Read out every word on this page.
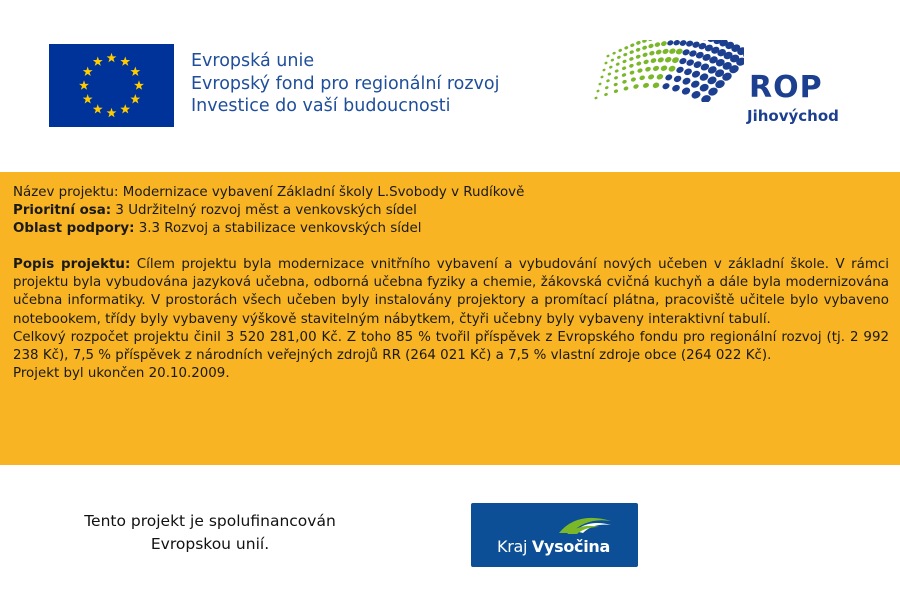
Evropská unie
Evropský fond pro regionální rozvoj
Investice do vaší budoucnosti
ROP
Jihovýchod

Název projektu: Modernizace vybavení Základní školy L.Svobody v Rudíkově

Prioritní osa: 3 Udržitelný rozvoj měst a venkovských sídel

Oblast podpory: 3.3 Rozvoj a stabilizace venkovských sídel

Popis projektu: Cílem projektu byla modernizace vnitřního vybavení a vybudování nových učeben v základní škole. V rámci projektu byla vybudována jazyková učebna, odborná učebna fyziky a chemie, žákovská cvičná kuchyň a dále byla modernizována učebna informatiky. V prostorách všech učeben byly instalovány projektory a promítací plátna, pracoviště učitele bylo vybaveno notebookem, třídy byly vybaveny výškově stavitelným nábytkem, čtyři učebny byly vybaveny interaktivní tabulí.

Celkový rozpočet projektu činil 3 520 281,00 Kč. Z toho 85 % tvořil příspěvek z Evropského fondu pro regionální rozvoj (tj. 2 992 238 Kč), 7,5 % příspěvek z národních veřejných zdrojů RR (264 021 Kč) a 7,5 % vlastní zdroje obce (264 022 Kč).

Projekt byl ukončen 20.10.2009.

Tento projekt je spolufinancován
Evropskou unií.	Kraj Vysočina
